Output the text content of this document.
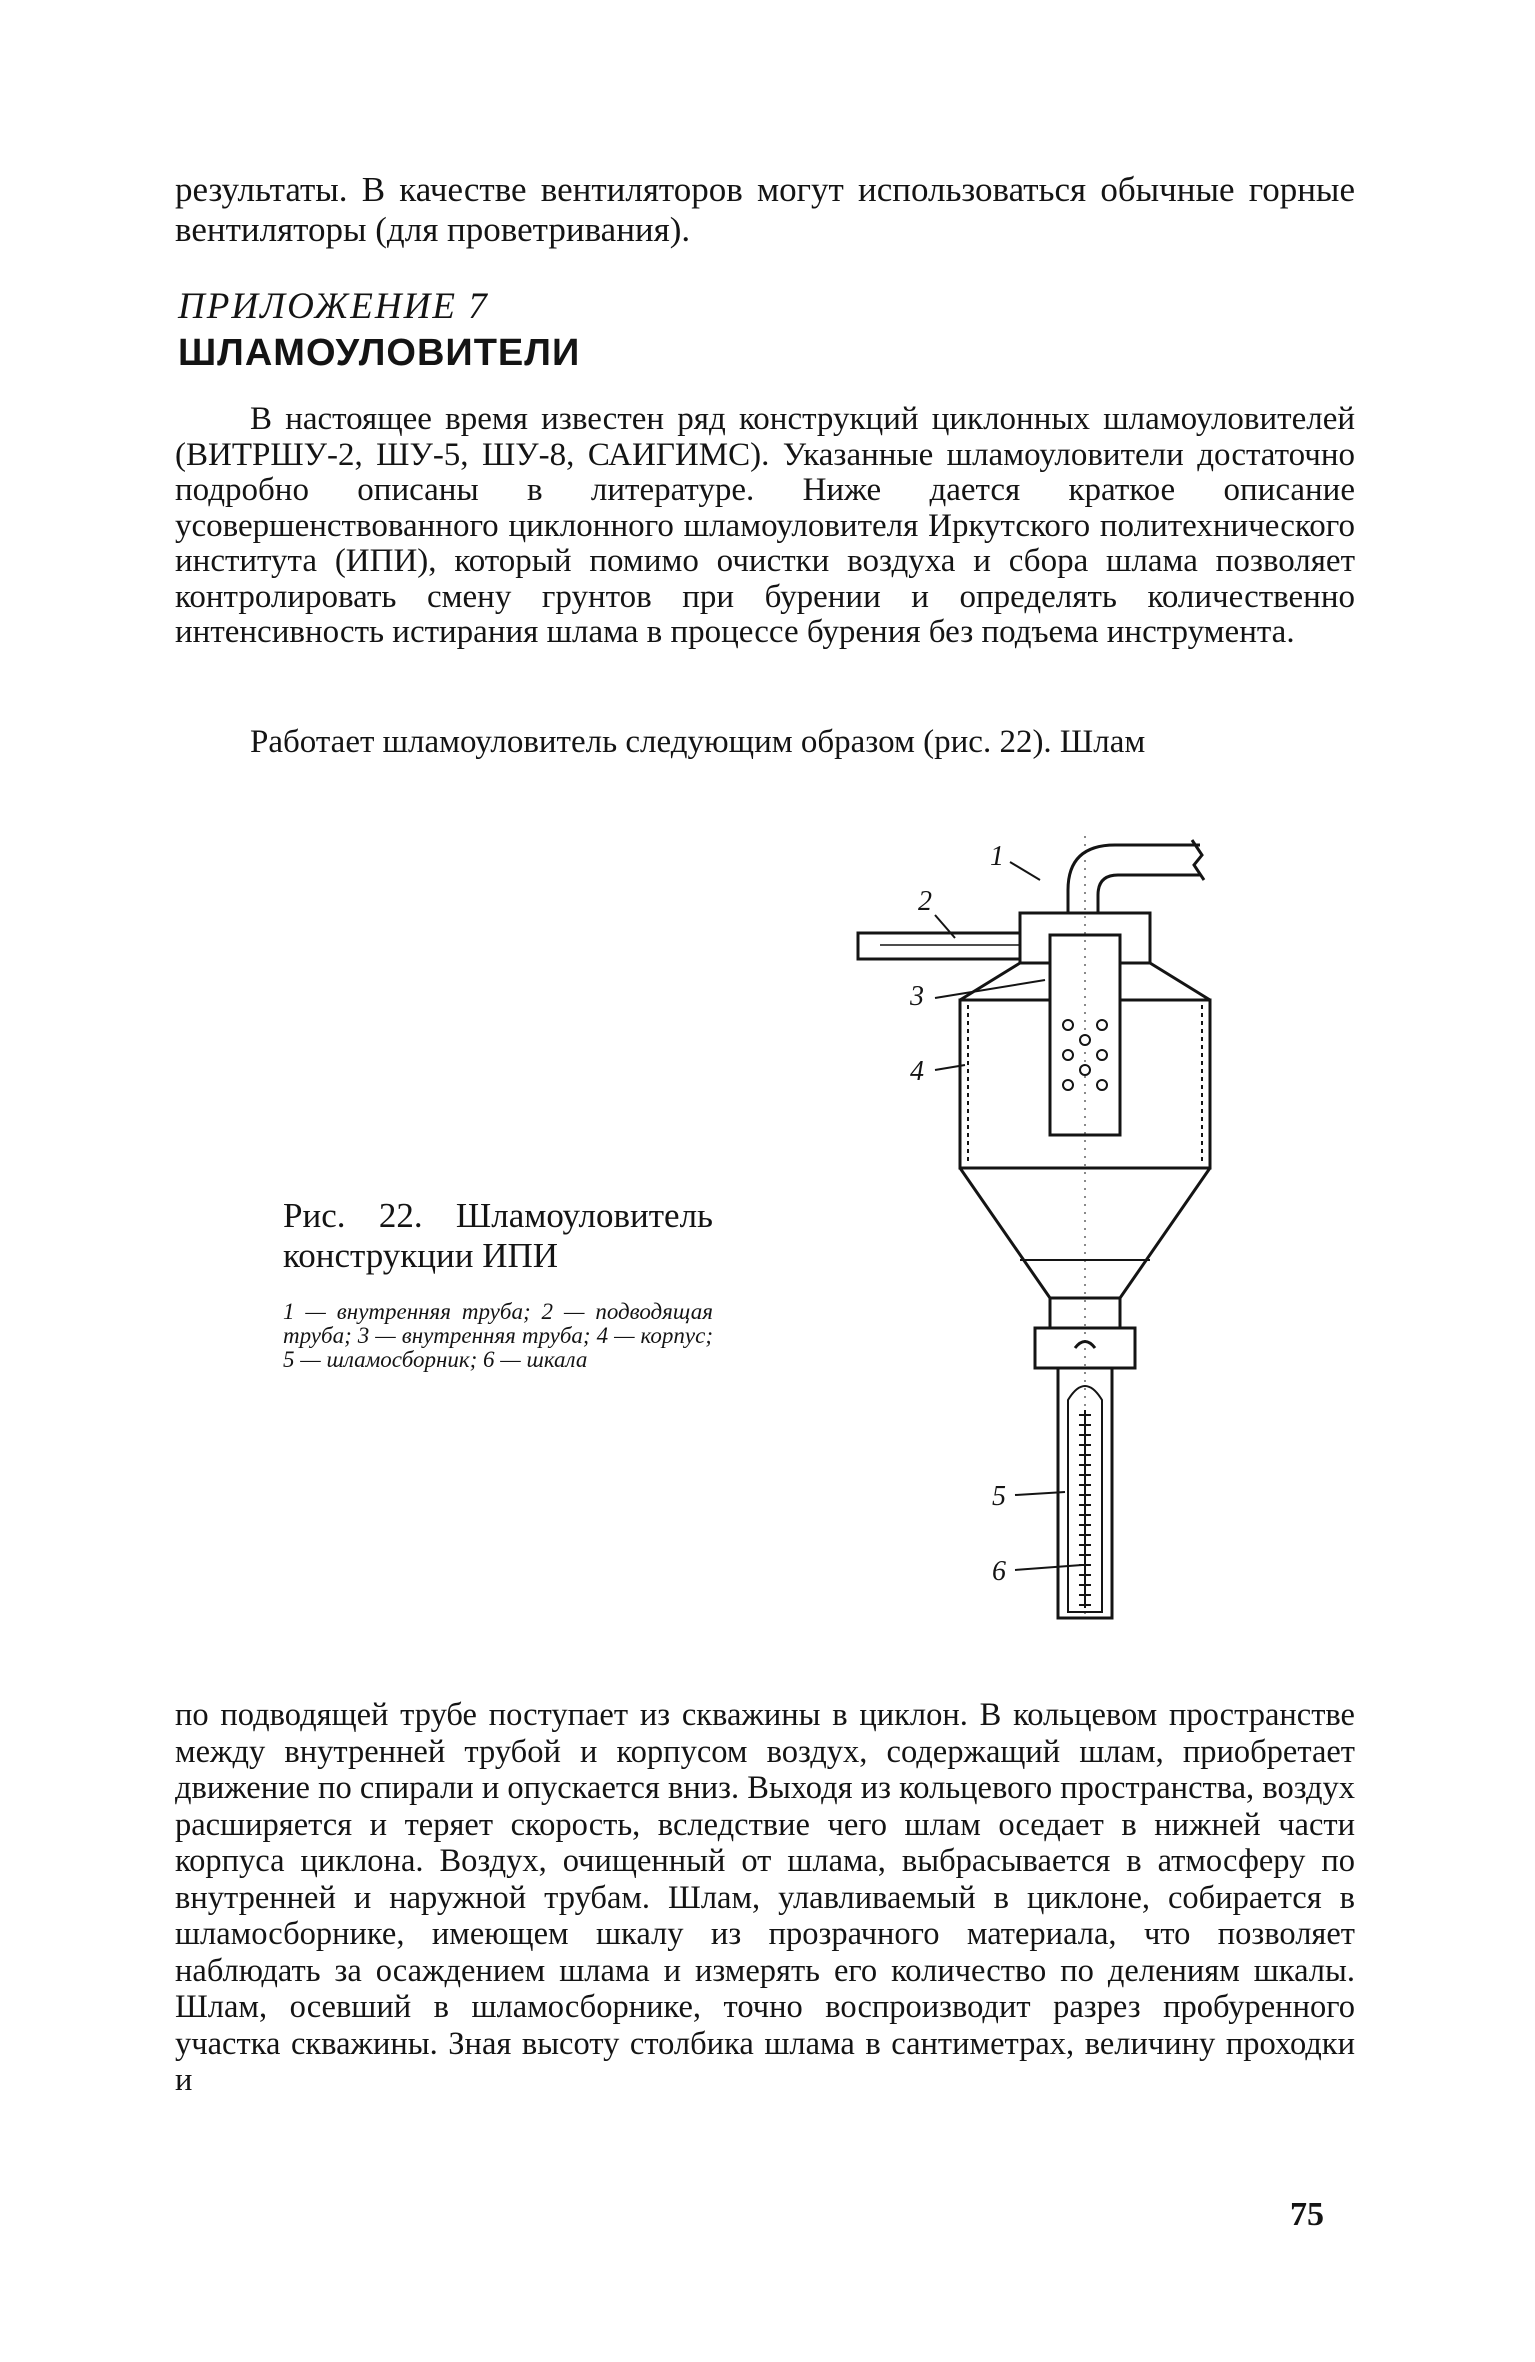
результаты. В качестве вентиляторов могут использоваться обычные горные вентиляторы (для проветривания).
ПРИЛОЖЕНИЕ 7
ШЛАМОУЛОВИТЕЛИ
В настоящее время известен ряд конструкций циклонных шламоуловителей (ВИТРШУ-2, ШУ-5, ШУ-8, САИГИМС). Указанные шламоуловители достаточно подробно описаны в литературе. Ниже дается краткое описание усовершенствованного циклонного шламоуловителя Иркутского политехнического института (ИПИ), который помимо очистки воздуха и сбора шлама позволяет контролировать смену грунтов при бурении и определять количественно интенсивность истирания шлама в процессе бурения без подъема инструмента.
Работает шламоуловитель следующим образом (рис. 22). Шлам
1
2
3
4
5
6
Рис. 22. Шламоуловитель конструкции ИПИ
1 — внутренняя труба; 2 — подводящая труба; 3 — внутренняя труба; 4 — корпус; 5 — шламосборник; 6 — шкала
по подводящей трубе поступает из скважины в циклон. В кольцевом пространстве между внутренней трубой и корпусом воздух, содержащий шлам, приобретает движение по спирали и опускается вниз. Выходя из кольцевого пространства, воздух расширяется и теряет скорость, вследствие чего шлам оседает в нижней части корпуса циклона. Воздух, очищенный от шлама, выбрасывается в атмосферу по внутренней и наружной трубам. Шлам, улавливаемый в циклоне, собирается в шламосборнике, имеющем шкалу из прозрачного материала, что позволяет наблюдать за осаждением шлама и измерять его количество по делениям шкалы. Шлам, осевший в шламосборнике, точно воспроизводит разрез пробуренного участка скважины. Зная высоту столбика шлама в сантиметрах, величину проходки и
75
